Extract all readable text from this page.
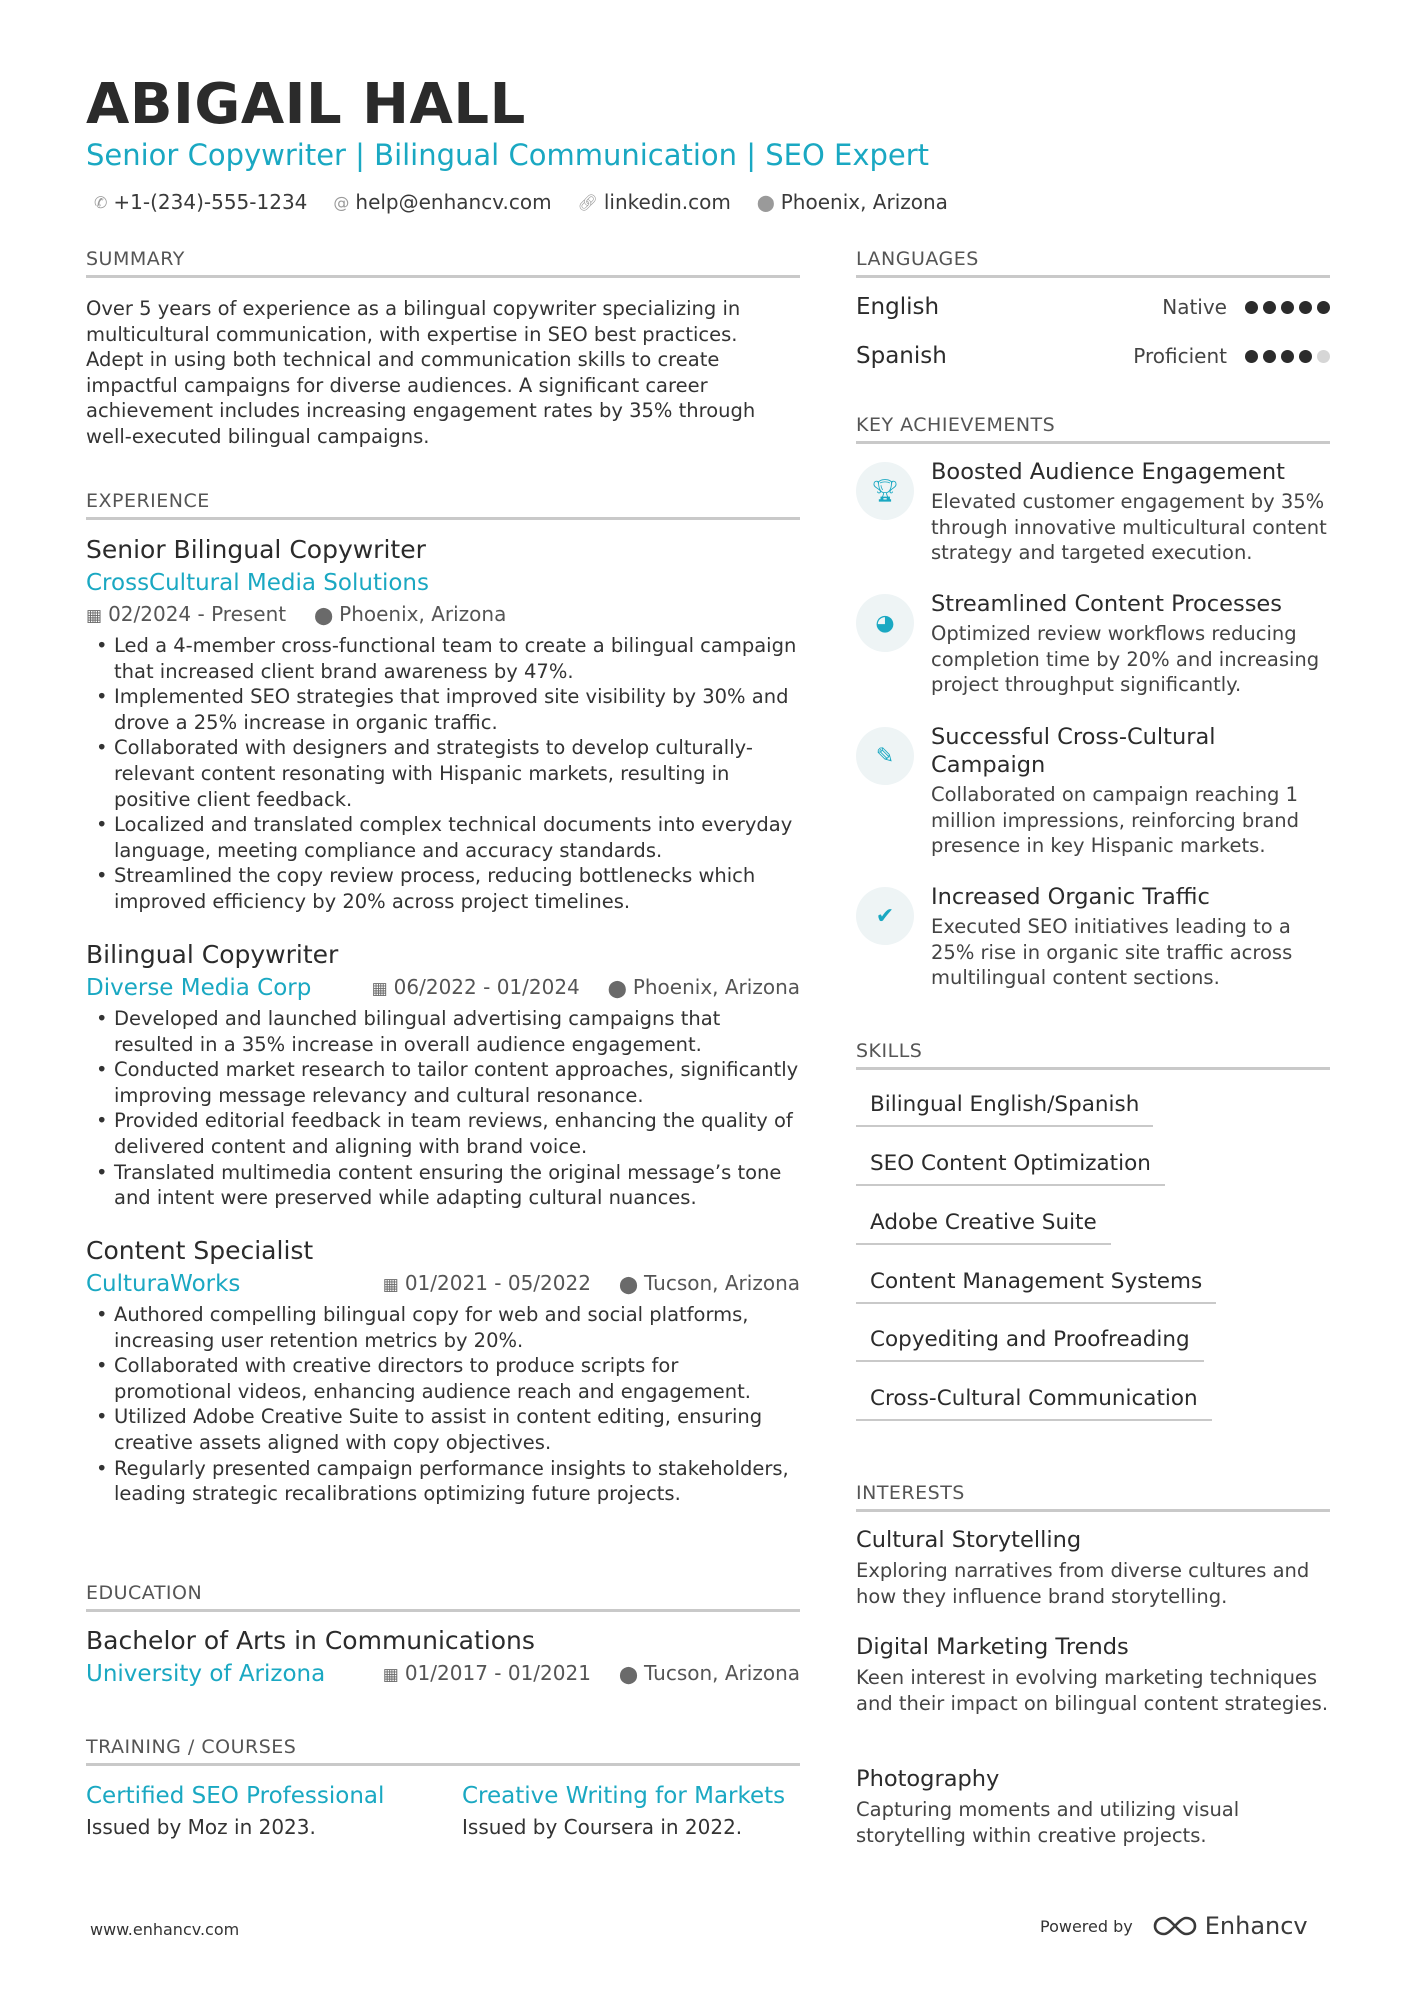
ABIGAIL HALL
Senior Copywriter | Bilingual Communication | SEO Expert
✆ +1-(234)-555-1234 @ help@enhancv.com 🔗︎ linkedin.com ⬤ Phoenix, Arizona
SUMMARY
Over 5 years of experience as a bilingual copywriter specializing in multicultural communication, with expertise in SEO best practices. Adept in using both technical and communication skills to create impactful campaigns for diverse audiences. A significant career achievement includes increasing engagement rates by 35% through well-executed bilingual campaigns.
EXPERIENCE
Senior Bilingual Copywriter
CrossCultural Media Solutions
▦ 02/2024 - Present ⬤ Phoenix, Arizona
• Led a 4-member cross-functional team to create a bilingual campaign that increased client brand awareness by 47%.
• Implemented SEO strategies that improved site visibility by 30% and drove a 25% increase in organic traffic.
• Collaborated with designers and strategists to develop culturally-relevant content resonating with Hispanic markets, resulting in positive client feedback.
• Localized and translated complex technical documents into everyday language, meeting compliance and accuracy standards.
• Streamlined the copy review process, reducing bottlenecks which improved efficiency by 20% across project timelines.
Bilingual Copywriter
Diverse Media Corp	▦ 06/2022 - 01/2024 ⬤ Phoenix, Arizona
• Developed and launched bilingual advertising campaigns that resulted in a 35% increase in overall audience engagement.
• Conducted market research to tailor content approaches, significantly improving message relevancy and cultural resonance.
• Provided editorial feedback in team reviews, enhancing the quality of delivered content and aligning with brand voice.
• Translated multimedia content ensuring the original message’s tone and intent were preserved while adapting cultural nuances.
Content Specialist
CulturaWorks	▦ 01/2021 - 05/2022 ⬤ Tucson, Arizona
• Authored compelling bilingual copy for web and social platforms, increasing user retention metrics by 20%.
• Collaborated with creative directors to produce scripts for promotional videos, enhancing audience reach and engagement.
• Utilized Adobe Creative Suite to assist in content editing, ensuring creative assets aligned with copy objectives.
• Regularly presented campaign performance insights to stakeholders, leading strategic recalibrations optimizing future projects.
EDUCATION
Bachelor of Arts in Communications
University of Arizona	▦ 01/2017 - 01/2021 ⬤ Tucson, Arizona
TRAINING / COURSES
Certified SEO Professional
Issued by Moz in 2023.
Creative Writing for Markets
Issued by Coursera in 2022.
LANGUAGES
English	Native
Spanish	Proficient
KEY ACHIEVEMENTS
🏆︎
Boosted Audience Engagement
Elevated customer engagement by 35% through innovative multicultural content strategy and targeted execution.
◕
Streamlined Content Processes
Optimized review workflows reducing completion time by 20% and increasing project throughput significantly.
✎
Successful Cross-Cultural Campaign
Collaborated on campaign reaching 1 million impressions, reinforcing brand presence in key Hispanic markets.
✔
Increased Organic Traffic
Executed SEO initiatives leading to a 25% rise in organic site traffic across multilingual content sections.
SKILLS
Bilingual English/Spanish
SEO Content Optimization
Adobe Creative Suite
Content Management Systems
Copyediting and Proofreading
Cross-Cultural Communication
INTERESTS
Cultural Storytelling
Exploring narratives from diverse cultures and how they influence brand storytelling.
Digital Marketing Trends
Keen interest in evolving marketing techniques and their impact on bilingual content strategies.
Photography
Capturing moments and utilizing visual storytelling within creative projects.
www.enhancv.com	Powered by	Enhancv
